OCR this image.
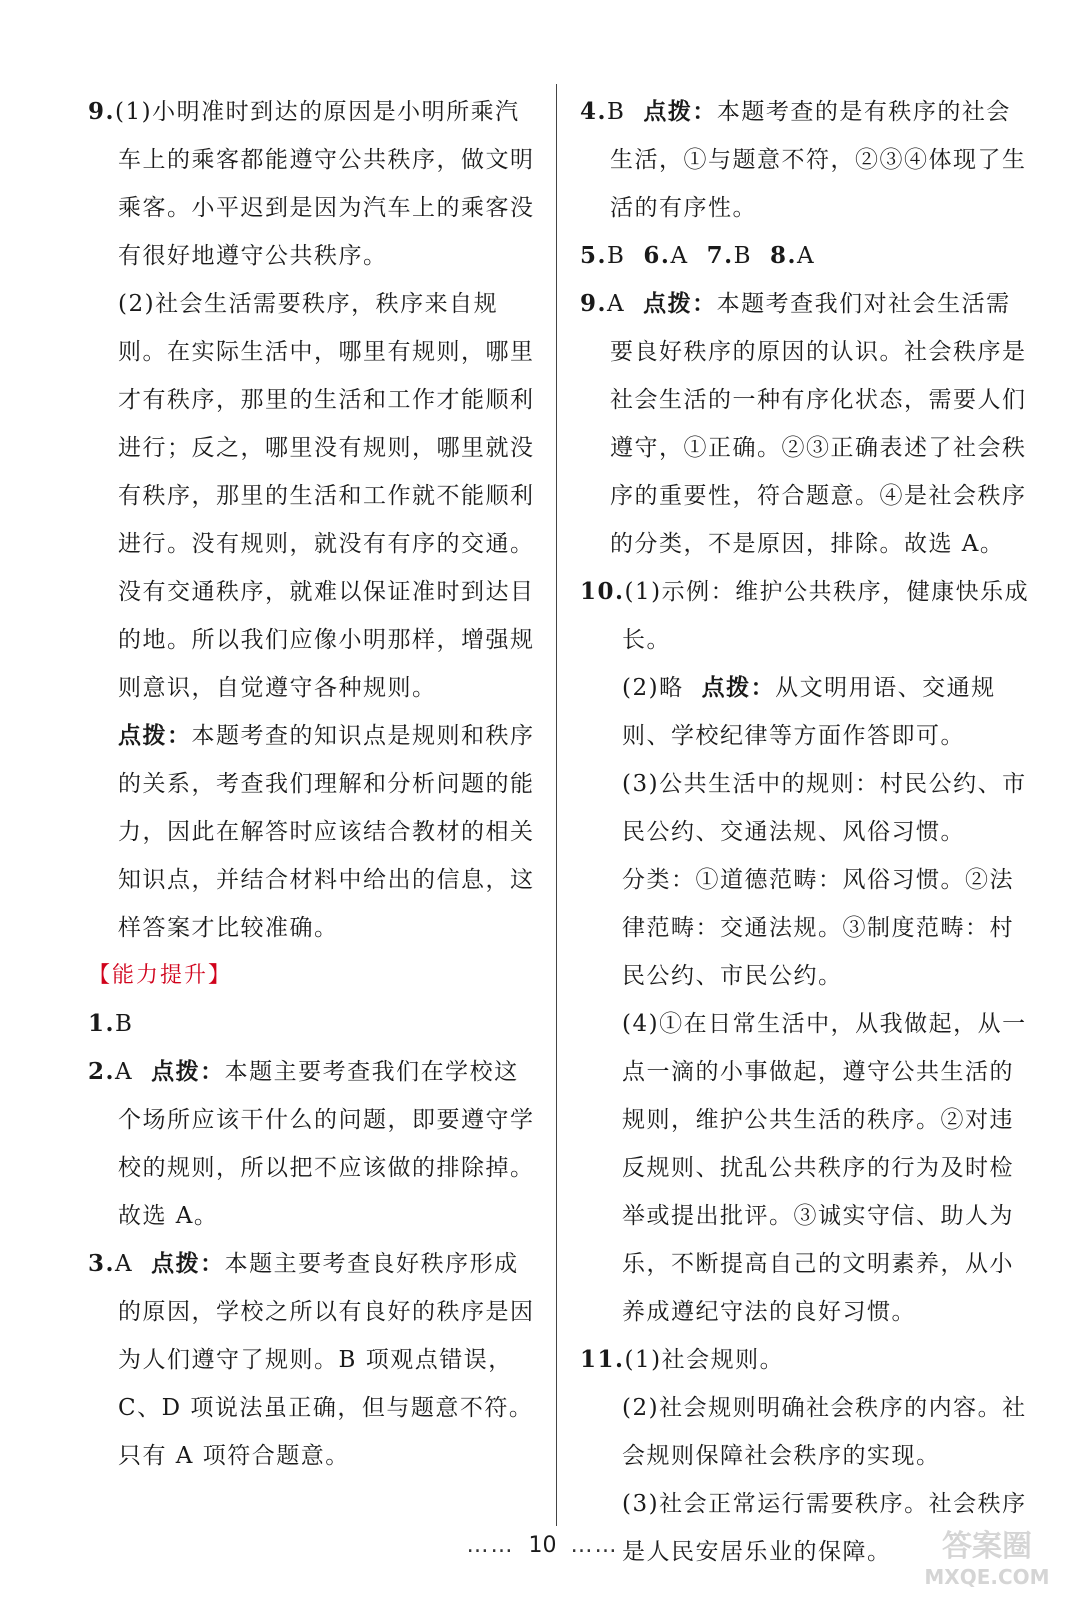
9.(1)小明准时到达的原因是小明所乘汽车上的乘客都能遵守公共秩序，做文明乘客。小平迟到是因为汽车上的乘客没有很好地遵守公共秩序。

(2)社会生活需要秩序，秩序来自规则。在实际生活中，哪里有规则，哪里才有秩序，那里的生活和工作才能顺利进行；反之，哪里没有规则，哪里就没有秩序，那里的生活和工作就不能顺利进行。没有规则，就没有有序的交通。没有交通秩序，就难以保证准时到达目的地。所以我们应像小明那样，增强规则意识，自觉遵守各种规则。

点拨：本题考查的知识点是规则和秩序的关系，考查我们理解和分析问题的能力，因此在解答时应该结合教材的相关知识点，并结合材料中给出的信息，这样答案才比较准确。

【能力提升】

1.B

2.A 点拨：本题主要考查我们在学校这个场所应该干什么的问题，即要遵守学校的规则，所以把不应该做的排除掉。故选 A。

3.A 点拨：本题主要考查良好秩序形成的原因，学校之所以有良好的秩序是因为人们遵守了规则。B 项观点错误，C、D 项说法虽正确，但与题意不符。只有 A 项符合题意。

4.B 点拨：本题考查的是有秩序的社会生活，①与题意不符，②③④体现了生活的有序性。

5.B 6.A 7.B 8.A

9.A 点拨：本题考查我们对社会生活需要良好秩序的原因的认识。社会秩序是社会生活的一种有序化状态，需要人们遵守，①正确。②③正确表述了社会秩序的重要性，符合题意。④是社会秩序的分类，不是原因，排除。故选 A。

10.(1)示例：维护公共秩序，健康快乐成长。

(2)略 点拨：从文明用语、交通规则、学校纪律等方面作答即可。

(3)公共生活中的规则：村民公约、市民公约、交通法规、风俗习惯。

分类：①道德范畴：风俗习惯。②法律范畴：交通法规。③制度范畴：村民公约、市民公约。

(4)①在日常生活中，从我做起，从一点一滴的小事做起，遵守公共生活的规则，维护公共生活的秩序。②对违反规则、扰乱公共秩序的行为及时检举或提出批评。③诚实守信、助人为乐，不断提高自己的文明素养，从小养成遵纪守法的良好习惯。

11.(1)社会规则。

(2)社会规则明确社会秩序的内容。社会规则保障社会秩序的实现。

(3)社会正常运行需要秩序。社会秩序是人民安居乐业的保障。

…… 10 ……	答案圈
MXQE.COM
